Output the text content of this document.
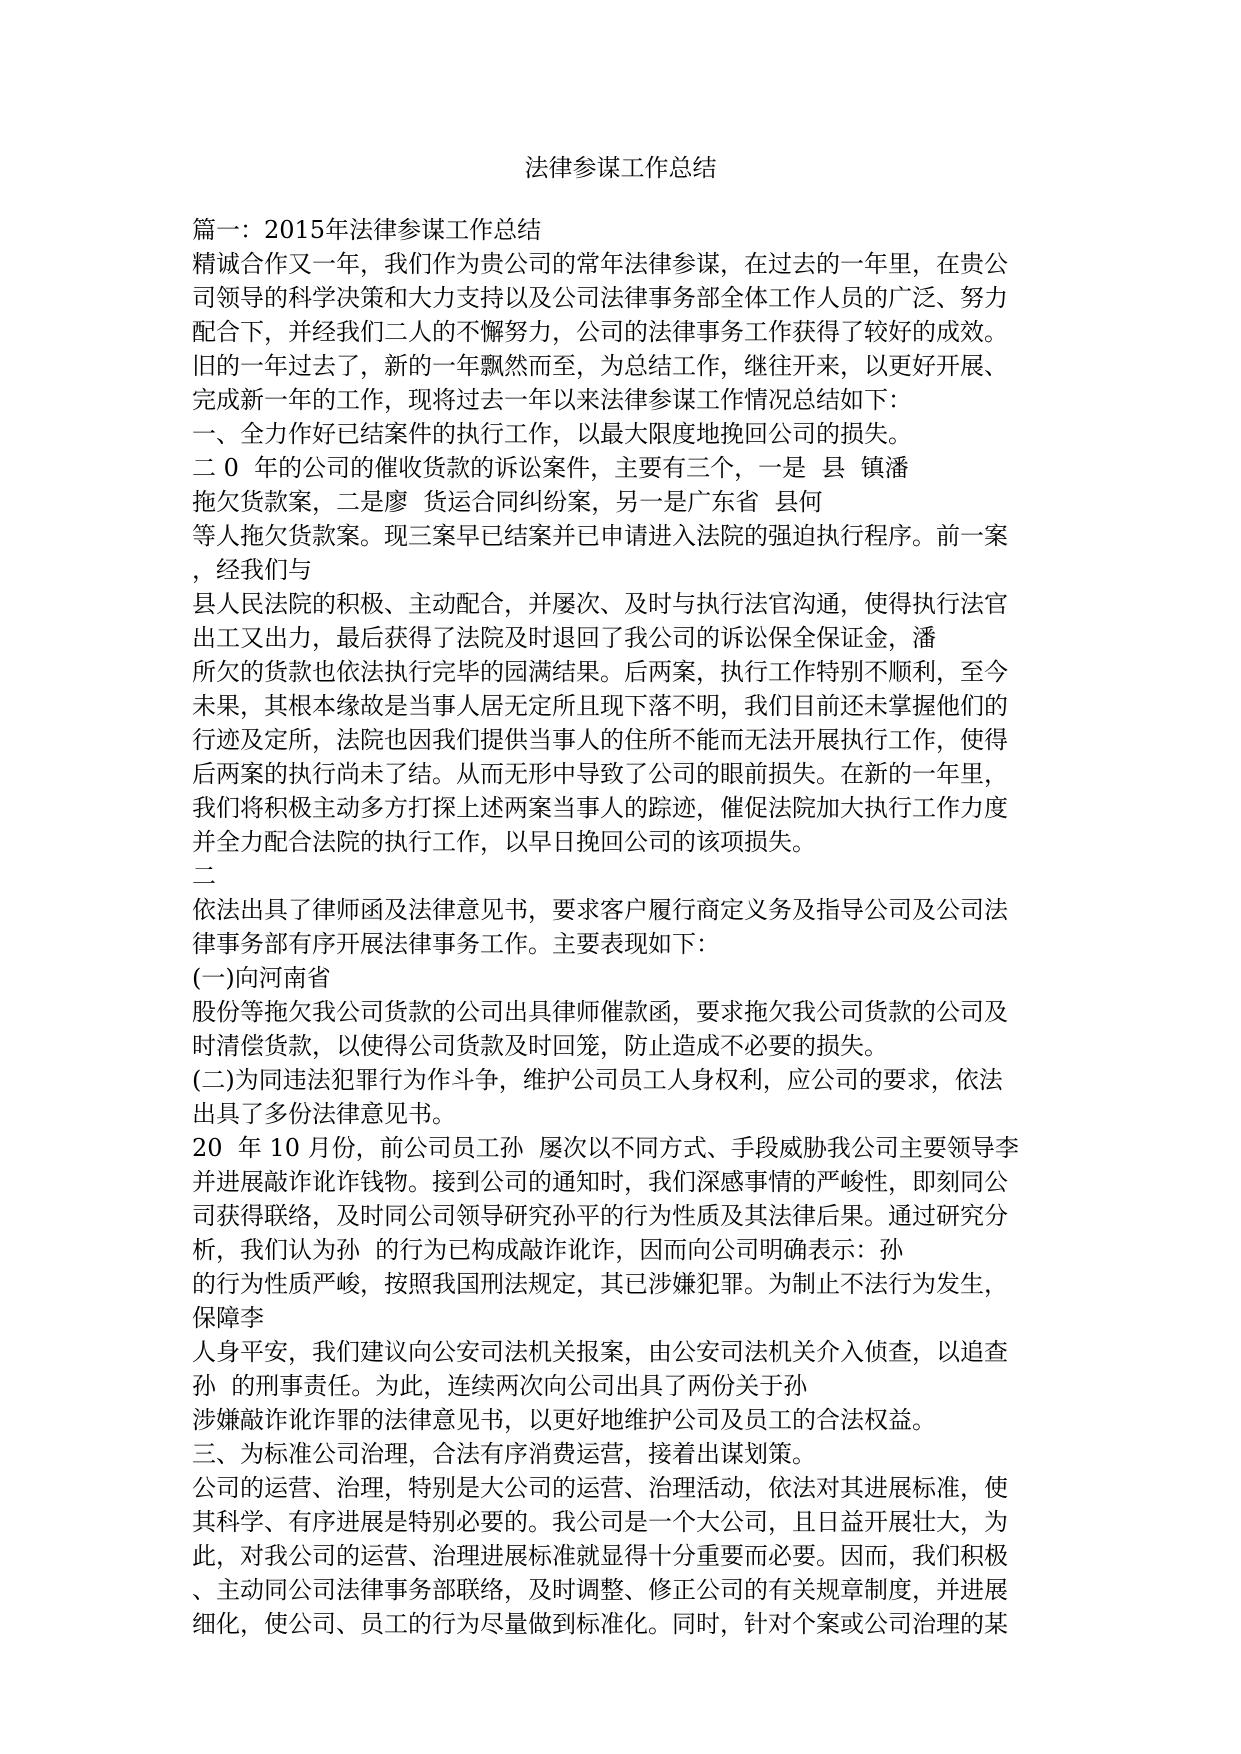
法律参谋工作总结
篇一：2015年法律参谋工作总结
精诚合作又一年，我们作为贵公司的常年法律参谋，在过去的一年里，在贵公
司领导的科学决策和大力支持以及公司法律事务部全体工作人员的广泛、努力
配合下，并经我们二人的不懈努力，公司的法律事务工作获得了较好的成效。
旧的一年过去了，新的一年飘然而至，为总结工作，继往开来，以更好开展、
完成新一年的工作，现将过去一年以来法律参谋工作情况总结如下：
一、全力作好已结案件的执行工作，以最大限度地挽回公司的损失。
二 0  年的公司的催收货款的诉讼案件，主要有三个，一是  县  镇潘
拖欠货款案，二是廖  货运合同纠纷案，另一是广东省  县何
等人拖欠货款案。现三案早已结案并已申请进入法院的强迫执行程序。前一案
，经我们与
县人民法院的积极、主动配合，并屡次、及时与执行法官沟通，使得执行法官
出工又出力，最后获得了法院及时退回了我公司的诉讼保全保证金，潘
所欠的货款也依法执行完毕的园满结果。后两案，执行工作特别不顺利，至今
未果，其根本缘故是当事人居无定所且现下落不明，我们目前还未掌握他们的
行迹及定所，法院也因我们提供当事人的住所不能而无法开展执行工作，使得
后两案的执行尚未了结。从而无形中导致了公司的眼前损失。在新的一年里，
我们将积极主动多方打探上述两案当事人的踪迹，催促法院加大执行工作力度
并全力配合法院的执行工作，以早日挽回公司的该项损失。
二
依法出具了律师函及法律意见书，要求客户履行商定义务及指导公司及公司法
律事务部有序开展法律事务工作。主要表现如下：
(一)向河南省
股份等拖欠我公司货款的公司出具律师催款函，要求拖欠我公司货款的公司及
时清偿货款，以使得公司货款及时回笼，防止造成不必要的损失。
(二)为同违法犯罪行为作斗争，维护公司员工人身权利，应公司的要求，依法
出具了多份法律意见书。
20  年 10 月份，前公司员工孙  屡次以不同方式、手段威胁我公司主要领导李
并进展敲诈讹诈钱物。接到公司的通知时，我们深感事情的严峻性，即刻同公
司获得联络，及时同公司领导研究孙平的行为性质及其法律后果。通过研究分
析，我们认为孙  的行为已构成敲诈讹诈，因而向公司明确表示：孙
的行为性质严峻，按照我国刑法规定，其已涉嫌犯罪。为制止不法行为发生，
保障李
人身平安，我们建议向公安司法机关报案，由公安司法机关介入侦查，以追查
孙  的刑事责任。为此，连续两次向公司出具了两份关于孙
涉嫌敲诈讹诈罪的法律意见书，以更好地维护公司及员工的合法权益。
三、为标准公司治理，合法有序消费运营，接着出谋划策。
公司的运营、治理，特别是大公司的运营、治理活动，依法对其进展标准，使
其科学、有序进展是特别必要的。我公司是一个大公司，且日益开展壮大，为
此，对我公司的运营、治理进展标准就显得十分重要而必要。因而，我们积极
、主动同公司法律事务部联络，及时调整、修正公司的有关规章制度，并进展
细化，使公司、员工的行为尽量做到标准化。同时，针对个案或公司治理的某
